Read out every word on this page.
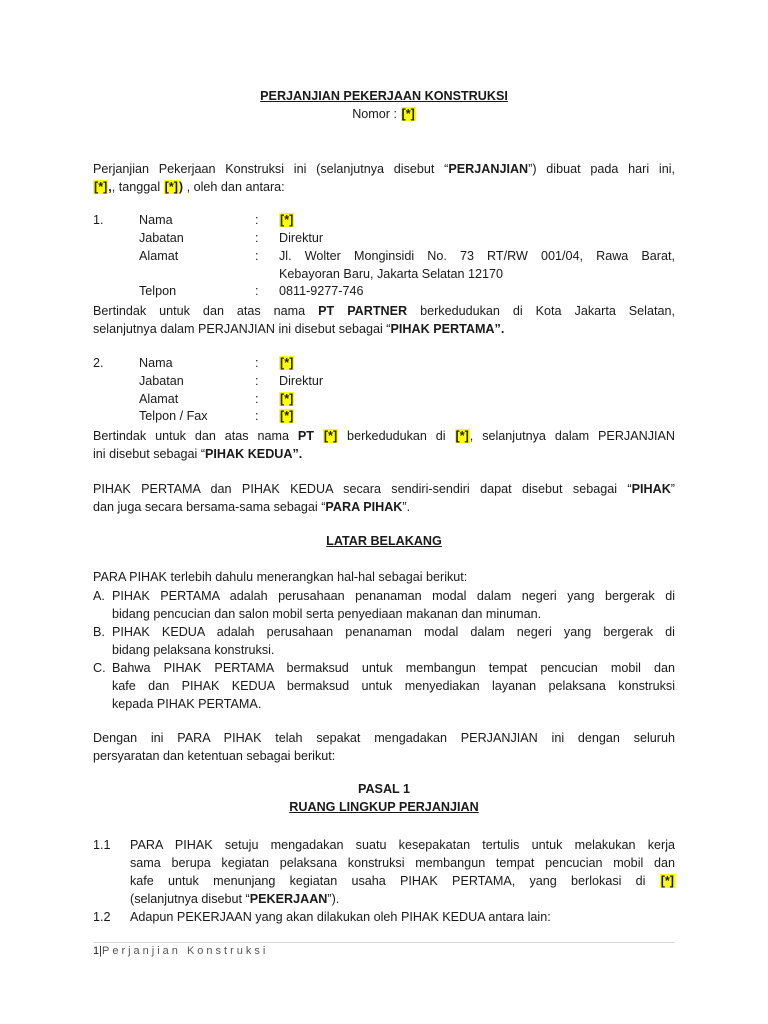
PERJANJIAN PEKERJAAN KONSTRUKSI
Nomor : [*]
Perjanjian Pekerjaan Konstruksi ini (selanjutnya disebut “PERJANJIAN”) dibuat pada hari ini,
[*],, tanggal [*]) , oleh dan antara:
1.	Nama	: [*]
Jabatan	: Direktur
Alamat	: Jl. Wolter Monginsidi No. 73 RT/RW 001/04, Rawa Barat,
Kebayoran Baru, Jakarta Selatan 12170
Telpon	: 0811-9277-746
Bertindak untuk dan atas nama PT PARTNER berkedudukan di Kota Jakarta Selatan,
selanjutnya dalam PERJANJIAN ini disebut sebagai “PIHAK PERTAMA”.
2.	Nama	: [*]
Jabatan	: Direktur
Alamat	: [*]
Telpon / Fax	: [*]
Bertindak untuk dan atas nama PT [*] berkedudukan di [*], selanjutnya dalam PERJANJIAN
ini disebut sebagai “PIHAK KEDUA”.
PIHAK PERTAMA dan PIHAK KEDUA secara sendiri-sendiri dapat disebut sebagai “PIHAK”
dan juga secara bersama-sama sebagai “PARA PIHAK”.
LATAR BELAKANG
PARA PIHAK terlebih dahulu menerangkan hal-hal sebagai berikut:
A. PIHAK PERTAMA adalah perusahaan penanaman modal dalam negeri yang bergerak di
bidang pencucian dan salon mobil serta penyediaan makanan dan minuman.
B. PIHAK KEDUA adalah perusahaan penanaman modal dalam negeri yang bergerak di
bidang pelaksana konstruksi.
C. Bahwa PIHAK PERTAMA bermaksud untuk membangun tempat pencucian mobil dan
kafe dan PIHAK KEDUA bermaksud untuk menyediakan layanan pelaksana konstruksi
kepada PIHAK PERTAMA.
Dengan ini PARA PIHAK telah sepakat mengadakan PERJANJIAN ini dengan seluruh
persyaratan dan ketentuan sebagai berikut:
PASAL 1
RUANG LINGKUP PERJANJIAN
1.1 PARA PIHAK setuju mengadakan suatu kesepakatan tertulis untuk melakukan kerja
sama berupa kegiatan pelaksana konstruksi membangun tempat pencucian mobil dan
kafe untuk menunjang kegiatan usaha PIHAK PERTAMA, yang berlokasi di [*]
(selanjutnya disebut “PEKERJAAN”).
1.2 Adapun PEKERJAAN yang akan dilakukan oleh PIHAK KEDUA antara lain:
1|Perjanjian Konstruksi
